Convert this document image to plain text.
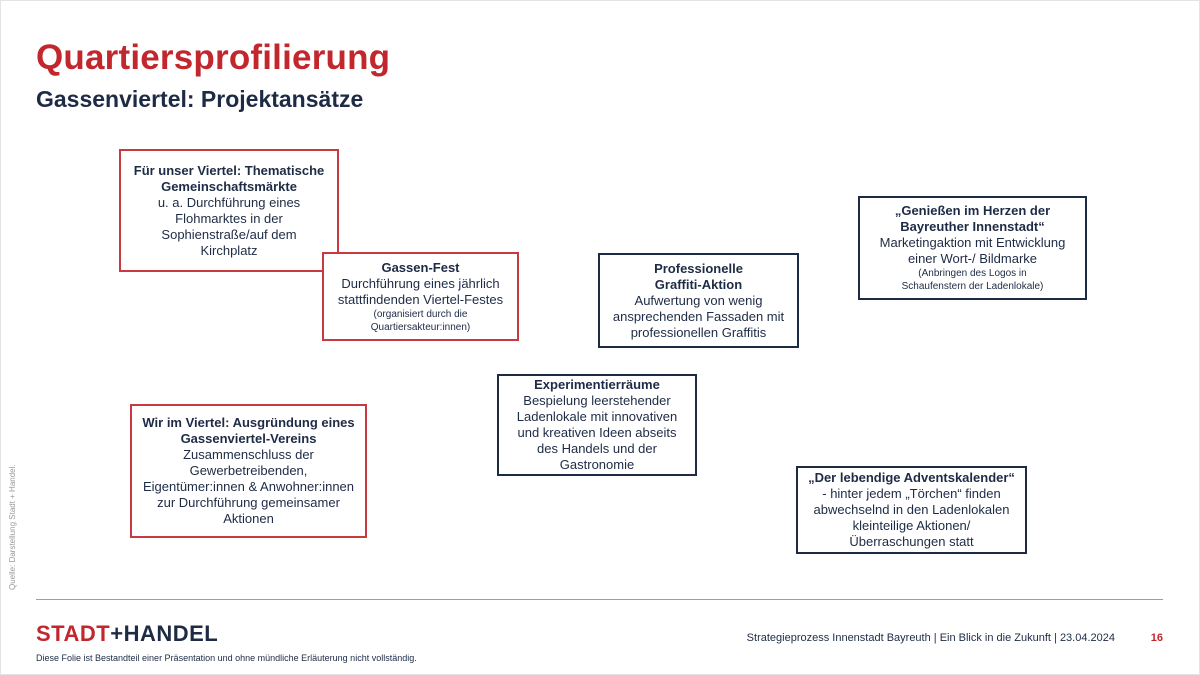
Quartiersprofilierung
Gassenviertel: Projektansätze
Für unser Viertel: Thematische
Gemeinschaftsmärkte
u. a. Durchführung eines
Flohmarktes in der
Sophienstraße/auf dem
Kirchplatz
Gassen-Fest
Durchführung eines jährlich
stattfindenden Viertel-Festes
(organisiert durch die
Quartiersakteur:innen)
Professionelle
Graffiti-Aktion
Aufwertung von wenig
ansprechenden Fassaden mit
professionellen Graffitis
„Genießen im Herzen der
Bayreuther Innenstadt“
Marketingaktion mit Entwicklung
einer Wort-/ Bildmarke
(Anbringen des Logos in
Schaufenstern der Ladenlokale)
Experimentierräume
Bespielung leerstehender
Ladenlokale mit innovativen
und kreativen Ideen abseits
des Handels und der
Gastronomie
Wir im Viertel: Ausgründung eines
Gassenviertel-Vereins
Zusammenschluss der
Gewerbetreibenden,
Eigentümer:innen & Anwohner:innen
zur Durchführung gemeinsamer
Aktionen
„Der lebendige Adventskalender“
- hinter jedem „Törchen“ finden
abwechselnd in den Ladenlokalen
kleinteilige Aktionen/
Überraschungen statt
Quelle: Darstellung Stadt + Handel.
STADT+HANDEL
Diese Folie ist Bestandteil einer Präsentation und ohne mündliche Erläuterung nicht vollständig.
Strategieprozess Innenstadt Bayreuth | Ein Blick in die Zukunft | 23.04.2024	16
